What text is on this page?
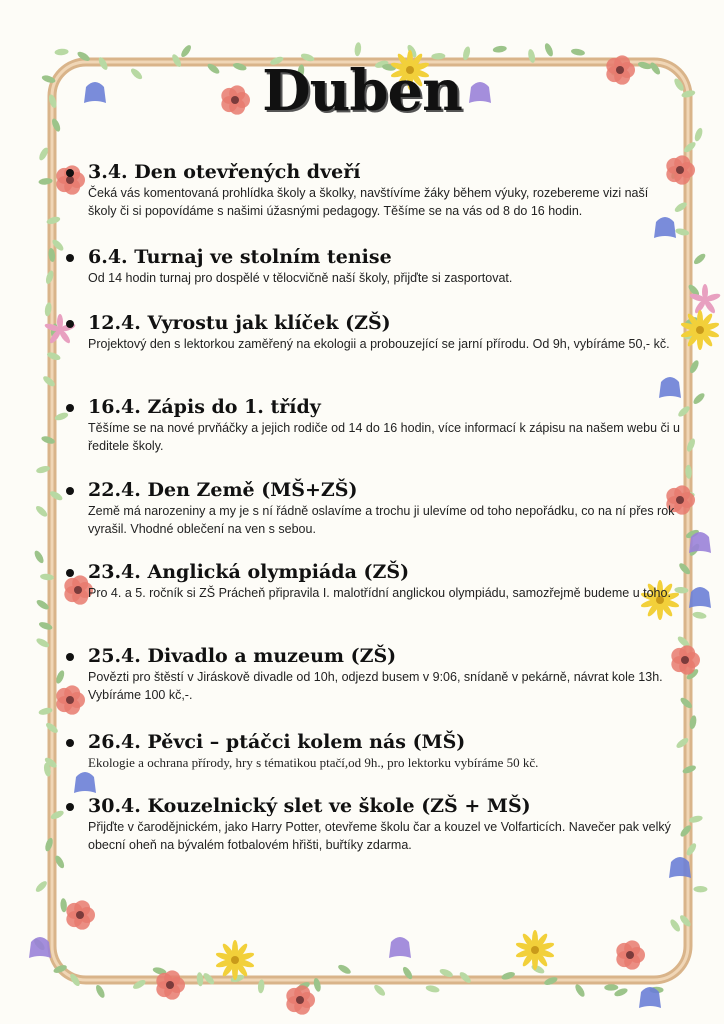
Duben
3.4. Den otevřených dveří
Čeká vás komentovaná prohlídka školy a školky, navštívíme žáky během výuky, rozebereme vizi naší školy či si popovídáme s našimi úžasnými pedagogy. Těšíme se na vás od 8 do 16 hodin.
6.4. Turnaj ve stolním tenise
Od 14 hodin turnaj pro dospělé v tělocvičně naší školy, přijďte si zasportovat.
12.4. Vyrostu jak klíček (ZŠ)
Projektový den s lektorkou zaměřený na ekologii a probouzející se jarní přírodu. Od 9h, vybíráme 50,- kč.
16.4. Zápis do 1. třídy
Těšíme se na nové prvňáčky a jejich rodiče od 14 do 16 hodin, více informací k zápisu na našem webu či u ředitele školy.
22.4. Den Země (MŠ+ZŠ)
Země má narozeniny a my je s ní řádně oslavíme a trochu ji ulevíme od toho nepořádku, co na ní přes rok vyrašil. Vhodné oblečení na ven s sebou.
23.4. Anglická olympiáda (ZŠ)
Pro 4. a 5. ročník si ZŠ Prácheň připravila I. malotřídní anglickou olympiádu, samozřejmě budeme u toho.
25.4. Divadlo a muzeum (ZŠ)
Povězti pro štěstí v Jiráskově divadle od 10h, odjezd busem v 9:06, snídaně v pekárně, návrat kole 13h. Vybíráme 100 kč,-.
26.4. Pěvci – ptáčci kolem nás (MŠ)
Ekologie a ochrana přírody, hry s tématikou ptačí,od 9h., pro lektorku vybíráme 50 kč.
30.4. Kouzelnický slet ve škole (ZŠ + MŠ)
Přijďte v čarodějnickém, jako Harry Potter, otevřeme školu čar a kouzel ve Volfarticích. Navečer pak velký obecní oheň na bývalém fotbalovém hřišti, buřtíky zdarma.
